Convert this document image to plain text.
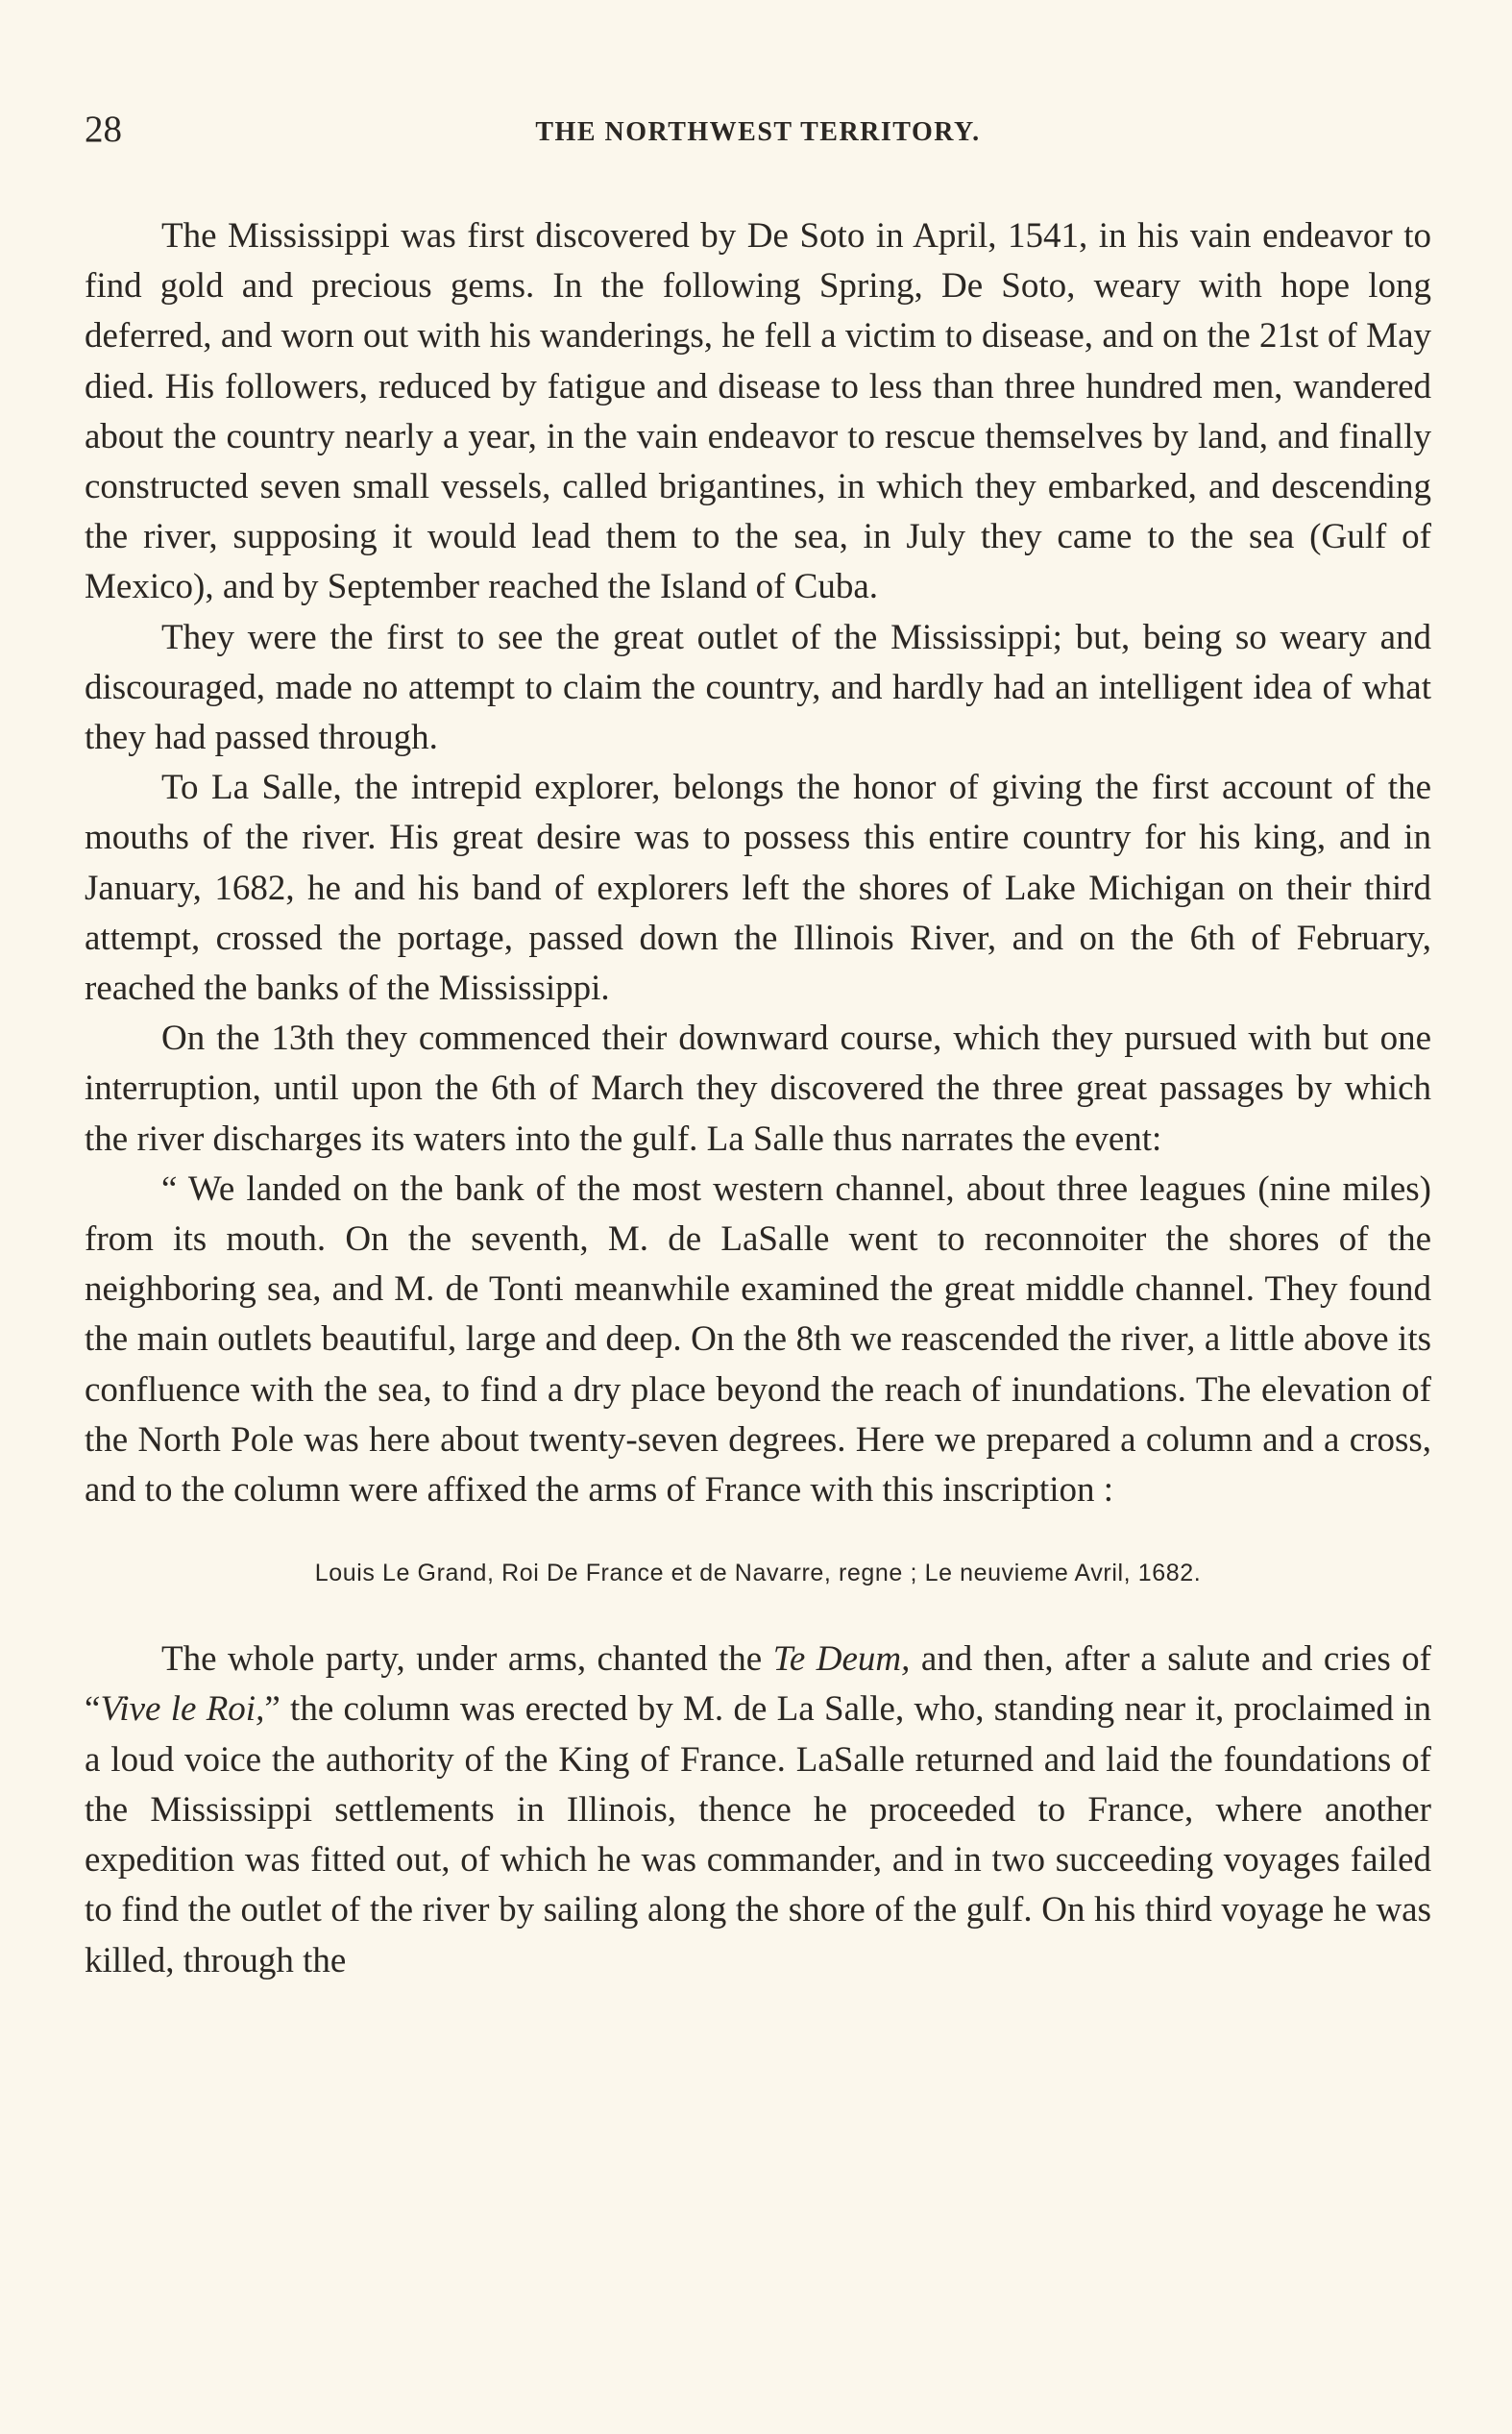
28	THE NORTHWEST TERRITORY.

The Mississippi was first discovered by De Soto in April, 1541, in his vain endeavor to find gold and precious gems. In the following Spring, De Soto, weary with hope long deferred, and worn out with his wanderings, he fell a victim to disease, and on the 21st of May died. His followers, reduced by fatigue and disease to less than three hundred men, wandered about the country nearly a year, in the vain endeavor to rescue themselves by land, and finally constructed seven small vessels, called brigantines, in which they embarked, and descending the river, supposing it would lead them to the sea, in July they came to the sea (Gulf of Mexico), and by September reached the Island of Cuba.

They were the first to see the great outlet of the Mississippi; but, being so weary and discouraged, made no attempt to claim the country, and hardly had an intelligent idea of what they had passed through.

To La Salle, the intrepid explorer, belongs the honor of giving the first account of the mouths of the river. His great desire was to possess this entire country for his king, and in January, 1682, he and his band of explorers left the shores of Lake Michigan on their third attempt, crossed the portage, passed down the Illinois River, and on the 6th of February, reached the banks of the Mississippi.

On the 13th they commenced their downward course, which they pursued with but one interruption, until upon the 6th of March they discovered the three great passages by which the river discharges its waters into the gulf. La Salle thus narrates the event:

“ We landed on the bank of the most western channel, about three leagues (nine miles) from its mouth. On the seventh, M. de LaSalle went to reconnoiter the shores of the neighboring sea, and M. de Tonti meanwhile examined the great middle channel. They found the main outlets beautiful, large and deep. On the 8th we reascended the river, a little above its confluence with the sea, to find a dry place beyond the reach of inundations. The elevation of the North Pole was here about twenty-seven degrees. Here we prepared a column and a cross, and to the column were affixed the arms of France with this inscription :

Louis Le Grand, Roi De France et de Navarre, regne ; Le neuvieme Avril, 1682.

The whole party, under arms, chanted the Te Deum, and then, after a salute and cries of “Vive le Roi,” the column was erected by M. de La Salle, who, standing near it, proclaimed in a loud voice the authority of the King of France. LaSalle returned and laid the foundations of the Mississippi settlements in Illinois, thence he proceeded to France, where another expedition was fitted out, of which he was commander, and in two succeeding voyages failed to find the outlet of the river by sailing along the shore of the gulf. On his third voyage he was killed, through the
